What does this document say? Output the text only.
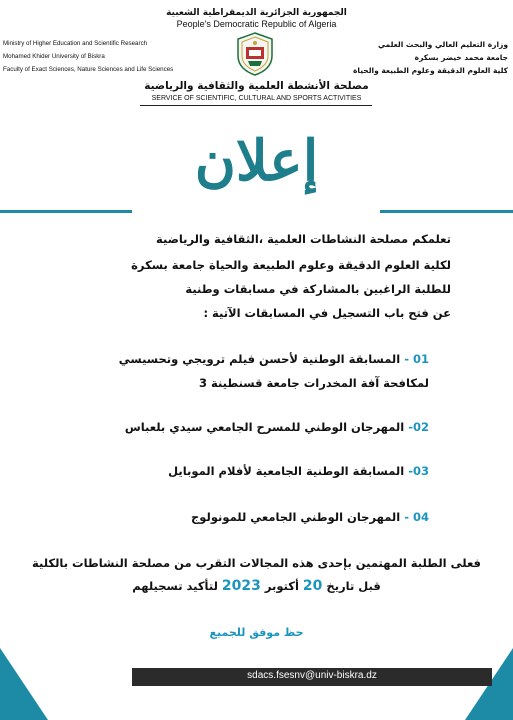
الجمهورية الجزائرية الديمقراطية الشعبية
People's Democratic Republic of Algeria
Ministry of Higher Education and Scientific Research
Mohamed Khider University of Biskra
Faculty of Exact Sciences, Nature Sciences and Life Sciences
وزارة التعليم العالي والبحث العلمي
جامعة محمد خيضر بسكرة
كلية العلوم الدقيقة وعلوم الطبيعة والحياة
مصلحة الأنشطة العلمية والثقافية والرياضية
SERVICE OF SCIENTIFIC, CULTURAL AND SPORTS ACTIVITIES
إعلان
تعلمكم مصلحة النشاطات العلمية ،الثقافية والرياضية
لكلية العلوم الدقيقة وعلوم الطبيعة والحياة جامعة بسكرة
للطلبة الراغبين بالمشاركة في مسابقات وطنية
عن فتح باب التسجيل في المسابقات الآتية :
01 - المسابقة الوطنية لأحسن فيلم ترويجي وتحسيسي
لمكافحة آفة المخدرات جامعة قسنطينة 3
02- المهرجان الوطني للمسرح الجامعي سيدي بلعباس
03- المسابقة الوطنية الجامعية لأفلام الموبايل
04 - المهرجان الوطني الجامعي للمونولوج
فعلى الطلبة المهتمين بإحدى هذه المجالات التقرب من مصلحة النشاطات بالكلية
قبل تاريخ 20 أكتوبر 2023 لتأكيد تسجيلهم
حظ موفق للجميع
sdacs.fsesnv@univ-biskra.dz
